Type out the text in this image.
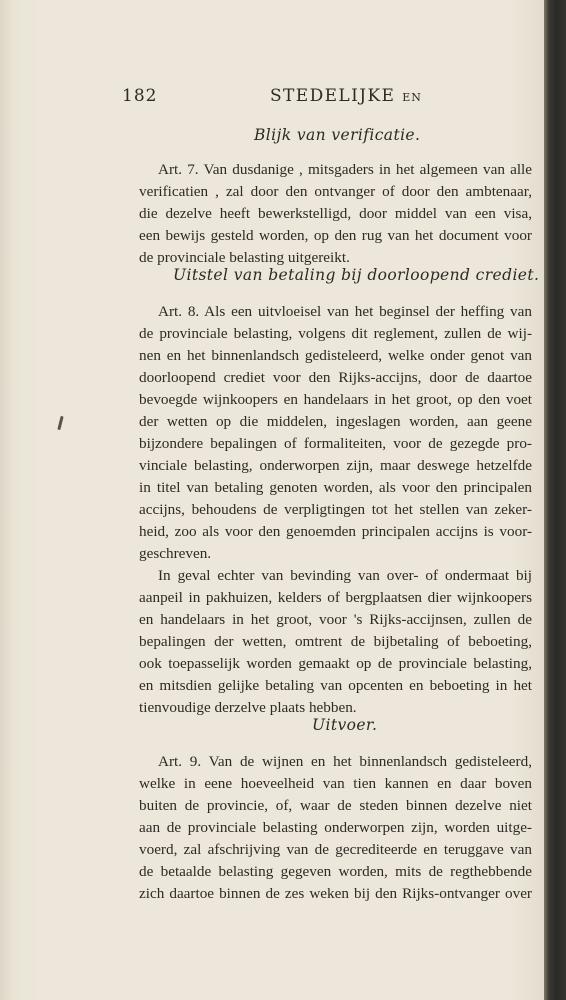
182	STEDELIJKE EN
Blijk van verificatie.
Art. 7. Van dusdanige , mitsgaders in het algemeen van alle
verificatien , zal door den ontvanger of door den ambtenaar,
die dezelve heeft bewerkstelligd, door middel van een visa,
een bewijs gesteld worden, op den rug van het document voor
de provinciale belasting uitgereikt.
Uitstel van betaling bij doorloopend crediet.
Art. 8. Als een uitvloeisel van het beginsel der heffing van
de provinciale belasting, volgens dit reglement, zullen de wij-
nen en het binnenlandsch gedisteleerd, welke onder genot van
doorloopend crediet voor den Rijks-accijns, door de daartoe
bevoegde wijnkoopers en handelaars in het groot, op den voet
der wetten op die middelen, ingeslagen worden, aan geene
bijzondere bepalingen of formaliteiten, voor de gezegde pro-
vinciale belasting, onderworpen zijn, maar deswege hetzelfde
in titel van betaling genoten worden, als voor den principalen
accijns, behoudens de verpligtingen tot het stellen van zeker-
heid, zoo als voor den genoemden principalen accijns is voor-
geschreven.
In geval echter van bevinding van over- of ondermaat bij
aanpeil in pakhuizen, kelders of bergplaatsen dier wijnkoopers
en handelaars in het groot, voor 's Rijks-accijnsen, zullen de
bepalingen der wetten, omtrent de bijbetaling of beboeting,
ook toepasselijk worden gemaakt op de provinciale belasting,
en mitsdien gelijke betaling van opcenten en beboeting in het
tienvoudige derzelve plaats hebben.
Uitvoer.
Art. 9. Van de wijnen en het binnenlandsch gedisteleerd,
welke in eene hoeveelheid van tien kannen en daar boven
buiten de provincie, of, waar de steden binnen dezelve niet
aan de provinciale belasting onderworpen zijn, worden uitge-
voerd, zal afschrijving van de gecrediteerde en teruggave van
de betaalde belasting gegeven worden, mits de regthebbende
zich daartoe binnen de zes weken bij den Rijks-ontvanger over
